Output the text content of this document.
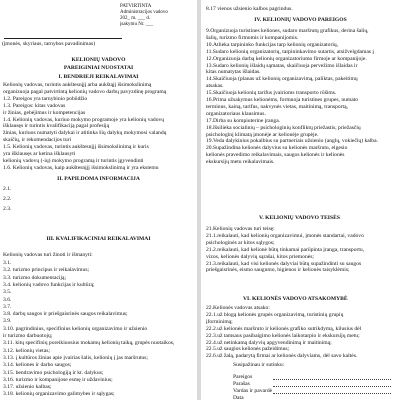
PATVIRTINTA
Administracijos vadovo
202_ m. ___ d.
įsakymu Nr. ___
(įmonės, skyriaus, tarnybos pavadinimas)
KELIONIŲ VADOVO
PAREIGINIAI NUOSTATAI
I. BENDRIEJI REIKALAVIMAI
Kelionių vadovas, turintis aukštesnįjį arba aukštąjį išsimokslinimą
organizuoja pagal patvirtintą kelionių vadovo darbų pavyzdinę programą
1.2. Pareigos yra tarnybinio pobūdžio
1.3. Pareigos: kitas vadovas
ir žinias, gebėjimus ir kompetencijas
1.4. Kelionių vadovas, kuriuo mokymo programoje yra kelionių vadovų
išklausęs ir turintis kvalifikaciją pagal profesiją
žinias, kuriuos numatyti dalykai ir atitinka šių dalykų mokymosi valandų
skaičių, ir rekomendacijos turi
1.5. Kelionių vadovas, turintis aukštesnįjį išsimokslinimą ir kuris
yra išklausęs ar ketina išklausyti
kelionių vadovų (-ių) mokymo programą ir turintis įgyvendinti
1.6. Kelionių vadovas, kaip aukštesnįjį išsimokslinimą ir yra ekstemu
II. PAPILDOMA INFORMACIJA
2.1.
2.2.
2.3.
III. KVALIFIKACINIAI REIKALAVIMAI
Kelionių vadovas turi žinoti ir išmanyti:
3.1.
3.2. turizmo principus ir reikalavimus;
3.3. turizmo dokumentaciją;
3.4. kelionių vadovo funkcijas ir kultūrą;
3.5.
3.6.
3.7.
3.8. darbų saugos ir priešgaisrinės saugos reikalavimus;
3.9.
3.10. pagrindinius, specifinius kelionių organizavimo ir užsienio
ir turizmo darbuotojų;
3.11. kitų specifinių poreikiuosius mokamų kelionių taiką, grupės nuotaikos,
3.12. kelionių vietas;
3.13. į kultūros žinias apie įvairias šalis, kelionių į jas maršrutus;
3.14. keliones ir darbo saugos;
3.15. bendravimo psichologiją ir kt. dalykus;
3.16. turizmo ir kompanijose esmę ir uždavinius;
3.17. užsienio kalbas;
3.18. kelionių organizavimo galimybes ir sąlygas;
8.17 vienos užsienio kalbos pagrindus.
IV. KELIONIŲ VADOVO PAREIGOS
9.Organizuoja turistines keliones, sudaro maršrutų grafikus, derina šalių,
šalių, turizmo firmomis ir kompanijomis.
10.Atlieka tarpininko funkcijas tarp kelionių organizatorių,
11.Sudaro kelionių organizatorių, tarpininkavimo sutartis, atsižvelgdamas į
12.Organizuoja darbą kelionių organizatoriumo firmoje ar kompanijoje.
13.Sudaro kelionių išlaidų sąmatas, skaičiuoja pervežimo išlaidas ir
kitas numatytas išlaidas.
14.Skaičiuoja (planas už kelionių organizavimą, paliktas, pakeitimų
atsakas.
15.Skaičiuoja kelionių tarifus įvairioms transporto rūšims.
16.Prima užsakymus kelionėms, formuoja turistines grupes, numato
terminus, kainą, tarifus, nakvynės vietas, maitinimą, transportą,
organizatoriaus klausimus.
17.Dirba su kompiuterine įranga.
18.Išsilieka socialinių – psichologinių konfliktų priežastis, priežasčių
psichologinį klimatą įmonėje ar kelionėje grupėje.
19.Veda dalykinius pokalbius su partneriais užsienio (anglų, vokiečių) kalba.
20.Supažindina kelionės dalyvius su kelionės maršrutu, elgesio
kelionės pravedimo reikalavimais, saugos kelionės ir kelionės
ekskursijų metu reikalavimais.
V. KELIONIŲ VADOVO TEISĖS
21.Kelionių vadovas turi teisę:
21.1.reikalauti, kad kelionių organizavimui, įmonės standartai, vadovo
psichologinės ar kitos sąlygos;
21.2.reikalauti, kad kelionė būtų tinkamai parūpinta įranga, transportu,
vizos, kelionės dalyvių sąrašai, kitos priemonės;
21.3.reikalauti, kad visi kelionės dalyviai būtų supažindinti su saugos
priešgaisrinės, eismo saugumo, higienos ir kelionės taisyklėmis;
VI. KELIONĖS VADOVO ATSAKOMYBĖ
22.Kelionės vadovas atsako:
22.1.už blogą kelionės grupės organizavimą, turistinių grupių
įforminimą;
22.2.už kelionės maršruto ir kelionės grafiko sutrikdymą, kilusius dėl
22.3.už tamsaus pasibaigimo kelionės laikotarpio ir ekskursijų metu;
22.4.už netinkamą dalyvių apgyvendinimą ir maitinimą;
22.5.už saugios kelionės pažeidimus;
22.6.už žalą, padarytą firmai ar kelionės dalyviams, dėl savo kaltės.
Susipažinau ir sutinku:
Pareigos
Parašas
Vardas ir pavardė
Data
